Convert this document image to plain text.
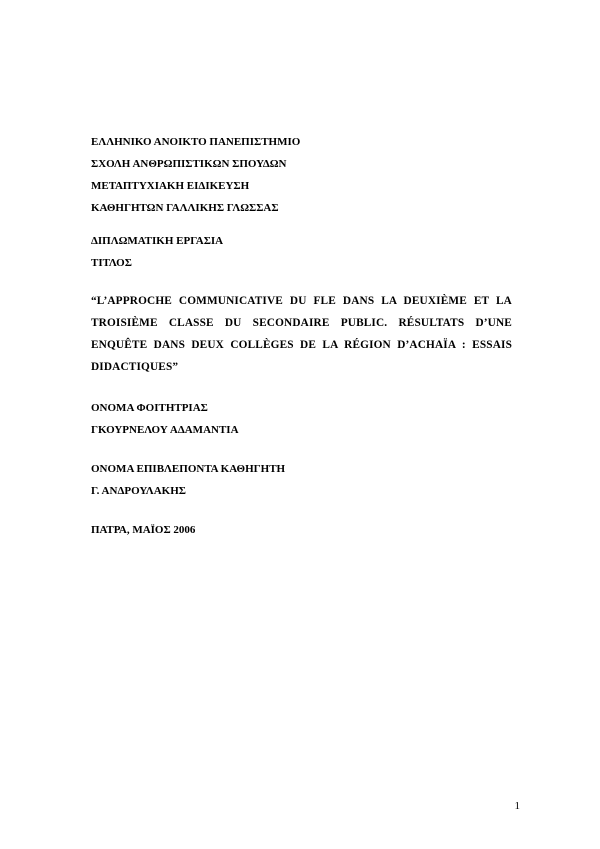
ΕΛΛΗΝΙΚΟ ΑΝΟΙΚΤΟ ΠΑΝΕΠΙΣΤΗΜΙΟ
ΣΧΟΛΗ ΑΝΘΡΩΠΙΣΤΙΚΩΝ ΣΠΟΥΔΩΝ
ΜΕΤΑΠΤΥΧΙΑΚΗ ΕΙΔΙΚΕΥΣΗ
ΚΑΘΗΓΗΤΩΝ ΓΑΛΛΙΚΗΣ ΓΛΩΣΣΑΣ
ΔΙΠΛΩΜΑΤΙΚΗ ΕΡΓΑΣΙΑ
ΤΙΤΛΟΣ
“L’APPROCHE COMMUNICATIVE DU FLE DANS LA DEUXIÈME ET LA TROISIÈME CLASSE DU SECONDAIRE PUBLIC. RÉSULTATS D’UNE ENQUÊTE DANS DEUX COLLÈGES DE LA RÉGION D’ACHAÏA : ESSAIS DIDACTIQUES”
ΟΝΟΜΑ ΦΟΙΤΗΤΡΙΑΣ
ΓΚΟΥΡΝΕΛΟΥ ΑΔΑΜΑΝΤΙΑ
ΟΝΟΜΑ ΕΠΙΒΛΕΠΟΝΤΑ ΚΑΘΗΓΗΤΗ
Γ. ΑΝΔΡΟΥΛΑΚΗΣ
ΠΑΤΡΑ, ΜΑΪΟΣ 2006
1
